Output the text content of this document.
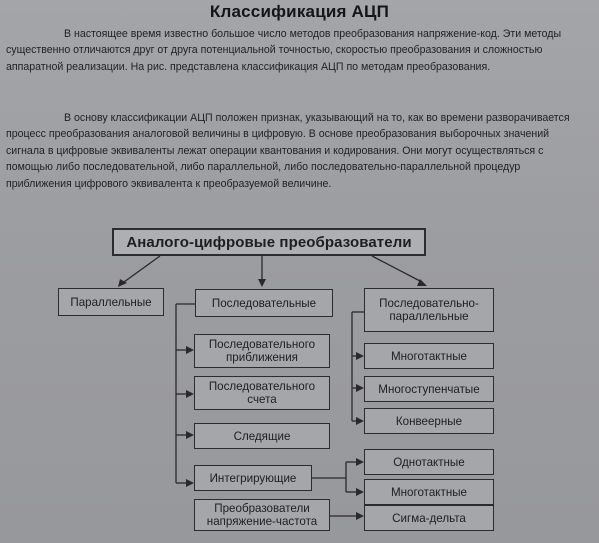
Классификация АЦП

В настоящее время известно большое число методов преобразования напряжение-код. Эти методы существенно отличаются друг от друга потенциальной точностью, скоростью преобразования и сложностью аппаратной реализации. На рис. представлена классификация АЦП по методам преобразования.

В основу классификации АЦП положен признак, указывающий на то, как во времени разворачивается процесс преобразования аналоговой величины в цифровую. В основе преобразования выборочных значений сигнала в цифровые эквиваленты лежат операции квантования и кодирования. Они могут осуществляться с помощью либо последовательной, либо параллельной, либо последовательно-параллельной процедур приближения цифрового эквивалента к преобразуемой величине.

Аналого-цифровые преобразователи
Параллельные	Последовательные	Последовательно-параллельные
Последовательного приближения
Последовательного счета
Следящие
Интегрирующие
Преобразователи напряжение-частота
Многотактные
Многоступенчатые
Конвеерные
Однотактные
Многотактные
Сигма-дельта
